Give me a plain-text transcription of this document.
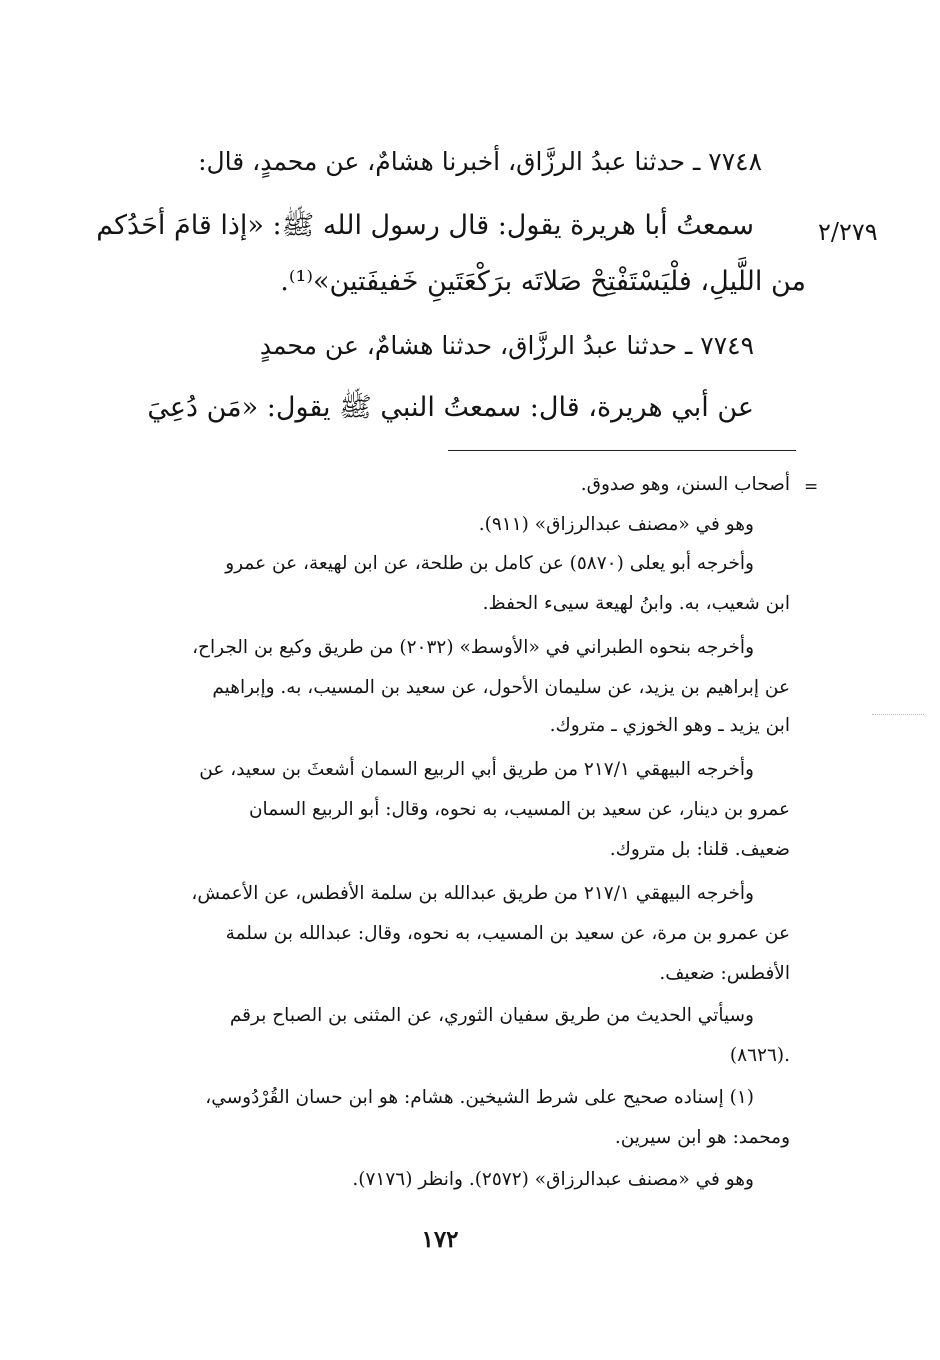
٢/٢٧٩

٧٧٤٨ ـ حدثنا عبدُ الرزَّاق، أخبرنا هشامٌ، عن محمدٍ، قال:

سمعتُ أبا هريرة يقول: قال رسول الله ﷺ: «إذا قامَ أحَدُكم

من اللَّيلِ، فلْيَسْتَفْتِحْ صَلاتَه برَكْعَتَينِ خَفيفَتين»⁽¹⁾.

٧٧٤٩ ـ حدثنا عبدُ الرزَّاق، حدثنا هشامٌ، عن محمدٍ

عن أبي هريرة، قال: سمعتُ النبي ﷺ يقول: «مَن دُعِيَ

=

أصحاب السنن، وهو صدوق.

وهو في «مصنف عبدالرزاق» (٩١١).

وأخرجه أبو يعلى (٥٨٧٠) عن كامل بن طلحة، عن ابن لهيعة، عن عمرو

ابن شعيب، به. وابنُ لهيعة سيىء الحفظ.

وأخرجه بنحوه الطبراني في «الأوسط» (٢٠٣٢) من طريق وكيع بن الجراح،

عن إبراهيم بن يزيد، عن سليمان الأحول، عن سعيد بن المسيب، به. وإبراهيم

ابن يزيد ـ وهو الخوزي ـ متروك.

وأخرجه البيهقي ٢١٧/١ من طريق أبي الربيع السمان أشعثَ بن سعيد، عن

عمرو بن دينار، عن سعيد بن المسيب، به نحوه، وقال: أبو الربيع السمان

ضعيف. قلنا: بل متروك.

وأخرجه البيهقي ٢١٧/١ من طريق عبدالله بن سلمة الأفطس، عن الأعمش،

عن عمرو بن مرة، عن سعيد بن المسيب، به نحوه، وقال: عبدالله بن سلمة

الأفطس: ضعيف.

وسيأتي الحديث من طريق سفيان الثوري، عن المثنى بن الصباح برقم

(٨٦٢٦).

(١) إسناده صحيح على شرط الشيخين. هشام: هو ابن حسان القُرْدُوسي،

ومحمد: هو ابن سيرين.

وهو في «مصنف عبدالرزاق» (٢٥٧٢). وانظر (٧١٧٦).

١٧٢
